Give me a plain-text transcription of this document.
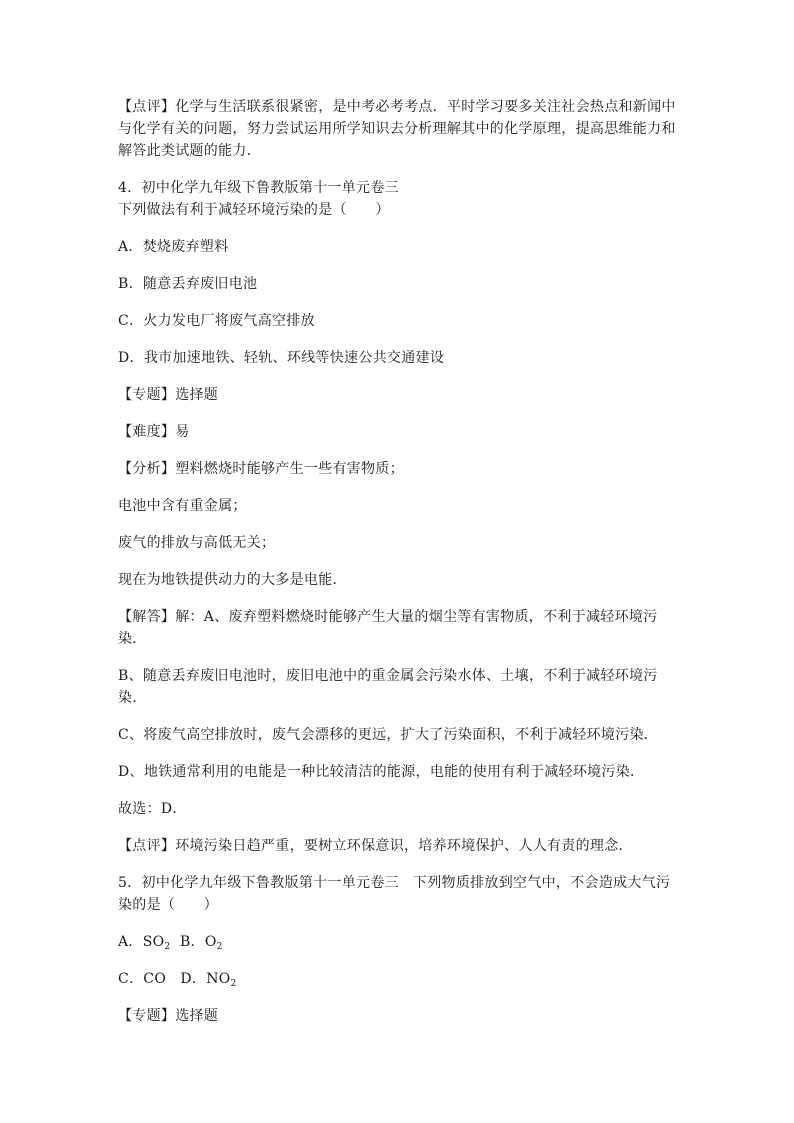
【点评】化学与生活联系很紧密，是中考必考考点．平时学习要多关注社会热点和新闻中与化学有关的问题，努力尝试运用所学知识去分析理解其中的化学原理，提高思维能力和解答此类试题的能力．

4．初中化学九年级下鲁教版第十一单元卷三下列做法有利于减轻环境污染的是（　　）

A．焚烧废弃塑料

B．随意丢弃废旧电池

C．火力发电厂将废气高空排放

D．我市加速地铁、轻轨、环线等快速公共交通建设

【专题】选择题

【难度】易

【分析】塑料燃烧时能够产生一些有害物质；

电池中含有重金属；

废气的排放与高低无关；

现在为地铁提供动力的大多是电能．

【解答】解：A、废弃塑料燃烧时能够产生大量的烟尘等有害物质，不利于减轻环境污染．

B、随意丢弃废旧电池时，废旧电池中的重金属会污染水体、土壤，不利于减轻环境污染．

C、将废气高空排放时，废气会漂移的更远，扩大了污染面积，不利于减轻环境污染．

D、地铁通常利用的电能是一种比较清洁的能源，电能的使用有利于减轻环境污染．

故选：D．

【点评】环境污染日趋严重，要树立环保意识，培养环境保护、人人有责的理念．

5．初中化学九年级下鲁教版第十一单元卷三 下列物质排放到空气中，不会造成大气污染的是（　　）

A．$SO_2$ B．$O_2$

C．CO D．$NO_2$

【专题】选择题
